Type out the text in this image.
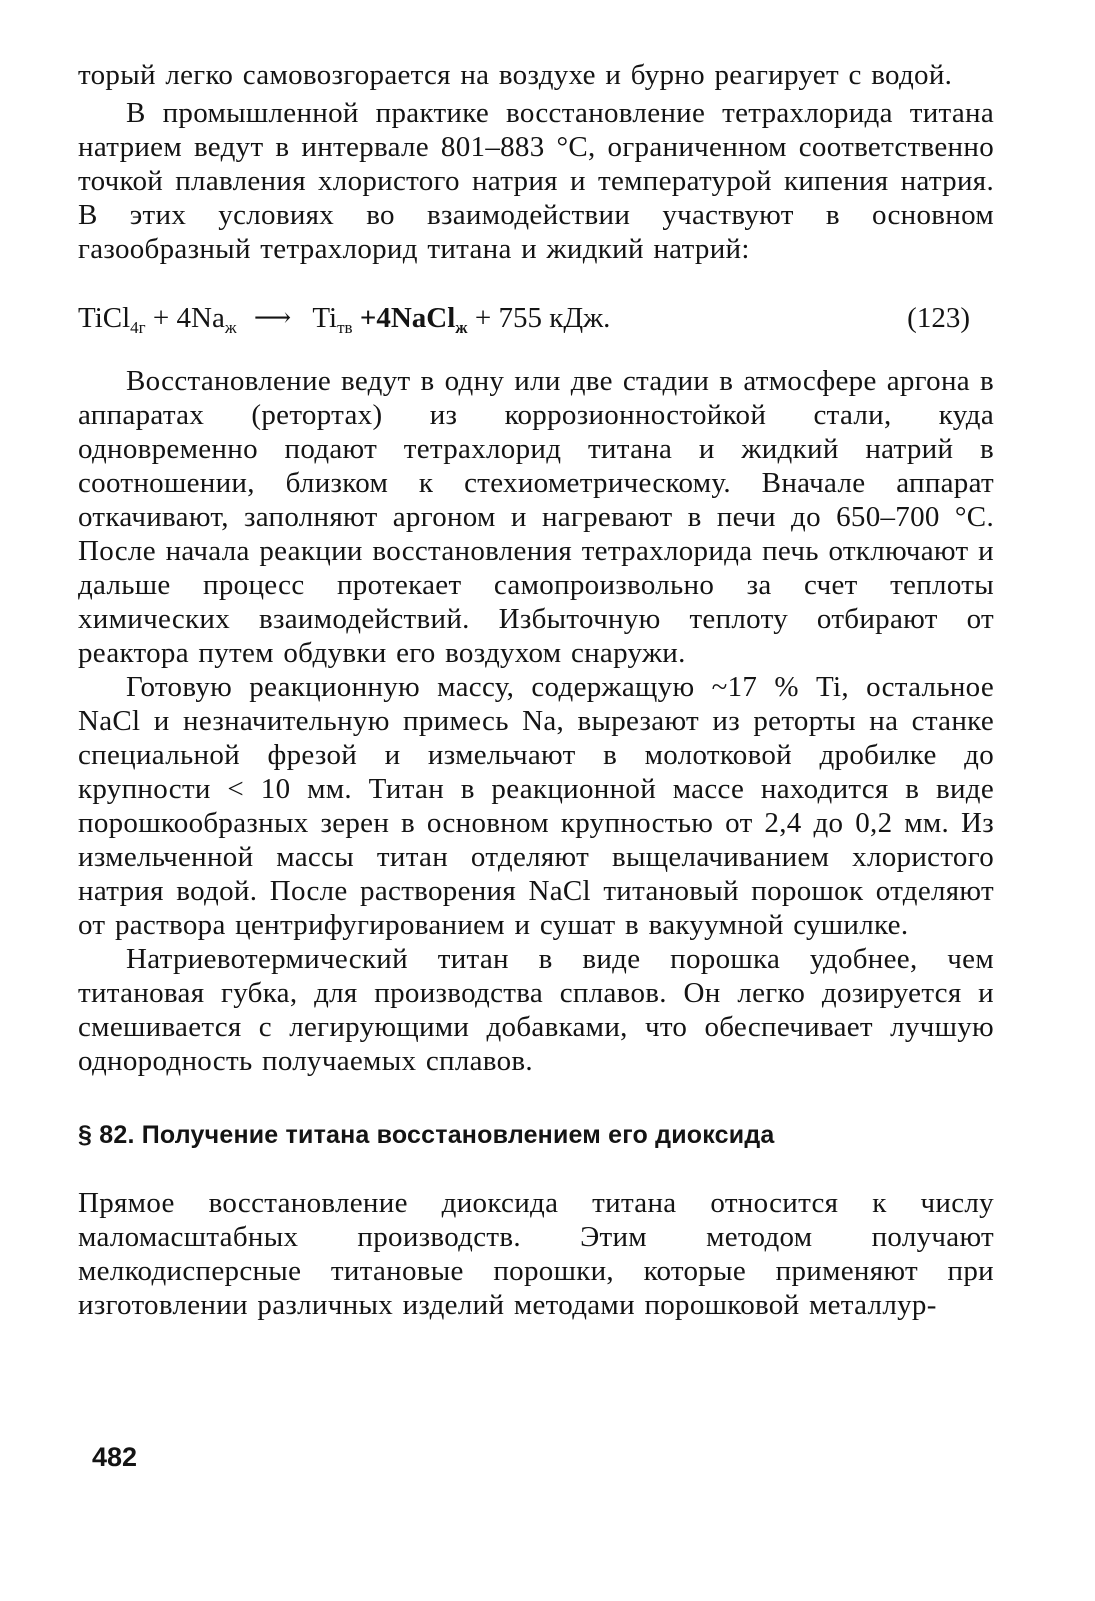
торый легко самовозгорается на воздухе и бурно реагирует с водой.

В промышленной практике восстановление тетрахлорида титана натрием ведут в интервале 801–883 °С, ограниченном соответственно точкой плавления хлористого натрия и температурой кипения натрия. В этих условиях во взаимодействии участвуют в основном газообразный тетрахлорид титана и жидкий натрий:

TiCl$_{4г}$ + $4Na_ж$ ⟶ $Ti_{тв}$ +4NaCl$_ж$ + 755 кДж.	(123)

Восстановление ведут в одну или две стадии в атмосфере аргона в аппаратах (ретортах) из коррозионностойкой стали, куда одновременно подают тетрахлорид титана и жидкий натрий в соотношении, близком к стехиометрическому. Вначале аппарат откачивают, заполняют аргоном и нагревают в печи до 650–700 °С. После начала реакции восстановления тетрахлорида печь отключают и дальше процесс протекает самопроизвольно за счет теплоты химических взаимодействий. Избыточную теплоту отбирают от реактора путем обдувки его воздухом снаружи.

Готовую реакционную массу, содержащую ~17 % Ti, остальное NaCl и незначительную примесь Na, вырезают из реторты на станке специальной фрезой и измельчают в молотковой дробилке до крупности < 10 мм. Титан в реакционной массе находится в виде порошкообразных зерен в основном крупностью от 2,4 до 0,2 мм. Из измельченной массы титан отделяют выщелачиванием хлористого натрия водой. После растворения NaCl титановый порошок отделяют от раствора центрифугированием и сушат в вакуумной сушилке.

Натриевотермический титан в виде порошка удобнее, чем титановая губка, для производства сплавов. Он легко дозируется и смешивается с легирующими добавками, что обеспечивает лучшую однородность получаемых сплавов.

§ 82. Получение титана восстановлением его диоксида

Прямое восстановление диоксида титана относится к числу маломасштабных производств. Этим методом получают мелкодисперсные титановые порошки, которые применяют при изготовлении различных изделий методами порошковой металлур-

482
